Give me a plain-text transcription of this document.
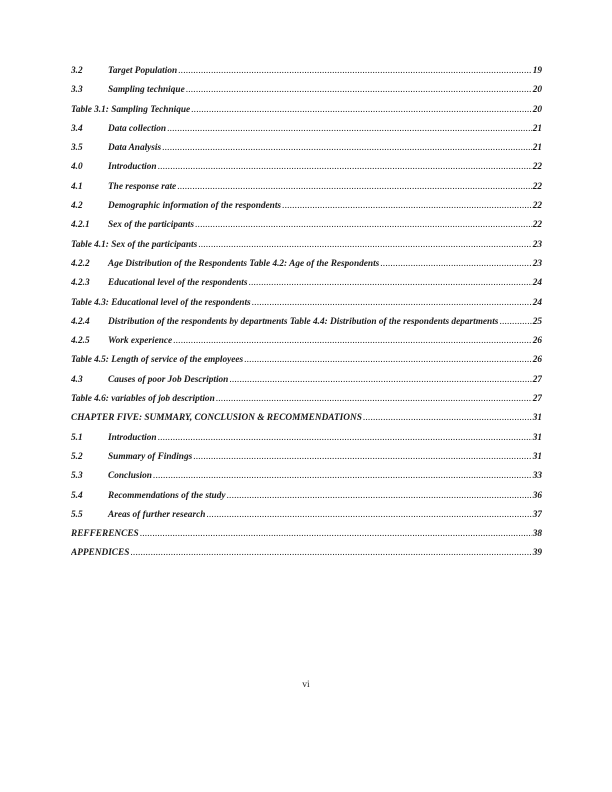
3.2	Target Population .....	19
3.3	Sampling technique .....	20
Table 3.1: Sampling Technique .....	20
3.4	Data collection .....	21
3.5	Data Analysis .....	21
4.0	Introduction .....	22
4.1	The response rate .....	22
4.2	Demographic information of the respondents .....	22
4.2.1	Sex of the participants .....	22
Table 4.1: Sex of the participants .....	23
4.2.2	Age Distribution of the Respondents Table 4.2: Age of the Respondents .....	23
4.2.3	Educational level of the respondents .....	24
Table 4.3: Educational level of the respondents .....	24
4.2.4	Distribution of the respondents by departments Table 4.4: Distribution of the respondents departments .....	25
4.2.5	Work experience .....	26
Table 4.5: Length of service of the employees .....	26
4.3	Causes of poor Job Description .....	27
Table 4.6: variables of job description .....	27
CHAPTER FIVE: SUMMARY, CONCLUSION & RECOMMENDATIONS .....	31
5.1	Introduction .....	31
5.2	Summary of Findings .....	31
5.3	Conclusion .....	33
5.4	Recommendations of the study .....	36
5.5	Areas of further research .....	37
REFFERENCES .....	38
APPENDICES .....	39
vi
